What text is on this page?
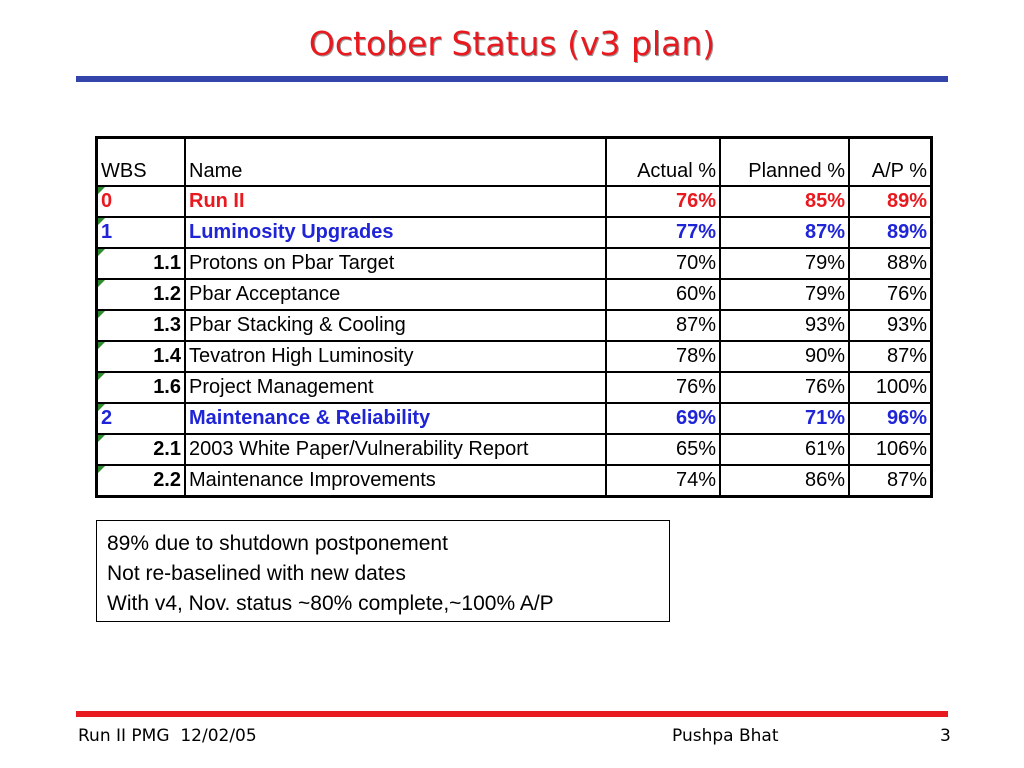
October Status (v3 plan)
WBS	Name	Actual %	Planned %	A/P %

0	Run II	76%	85%	89%

1	Luminosity Upgrades	77%	87%	89%

1.1	Protons on Pbar Target	70%	79%	88%

1.2	Pbar Acceptance	60%	79%	76%

1.3	Pbar Stacking & Cooling	87%	93%	93%

1.4	Tevatron High Luminosity	78%	90%	87%

1.6	Project Management	76%	76%	100%

2	Maintenance & Reliability	69%	71%	96%

2.1	2003 White Paper/Vulnerability Report	65%	61%	106%

2.2	Maintenance Improvements	74%	86%	87%
89% due to shutdown postponement
Not re-baselined with new dates
With v4, Nov. status ~80% complete,~100% A/P
Run II PMG  12/02/05	Pushpa Bhat	3
